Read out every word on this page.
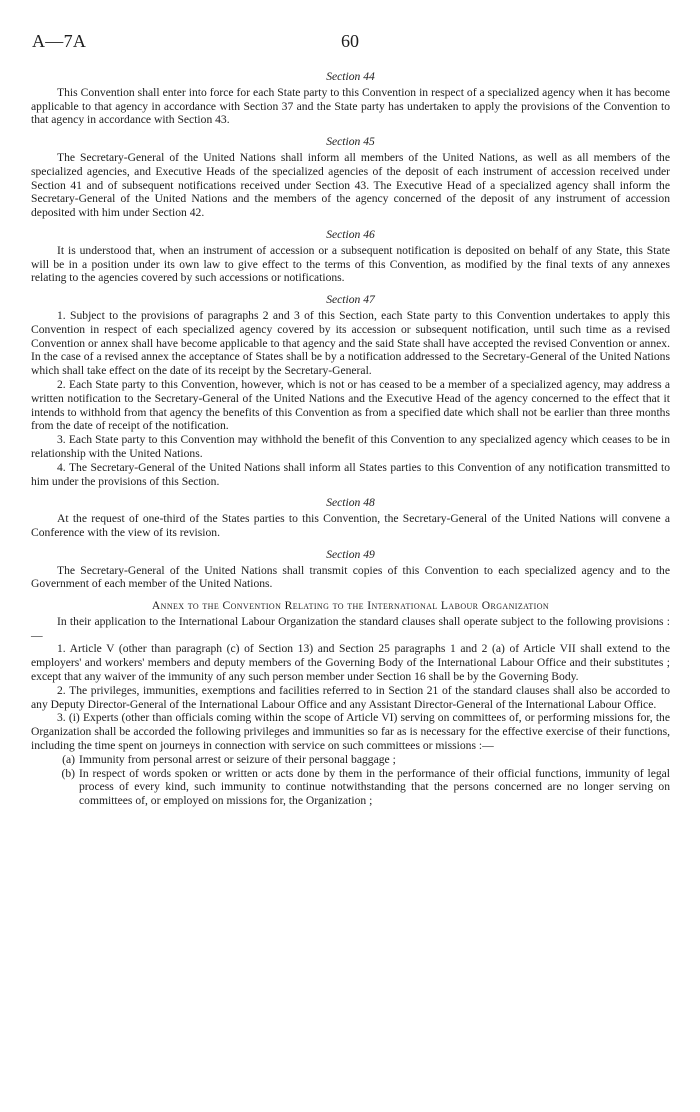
A—7A	60
Section 44

This Convention shall enter into force for each State party to this Convention in respect of a specialized agency when it has become applicable to that agency in accordance with Section 37 and the State party has undertaken to apply the provisions of the Convention to that agency in accordance with Section 43.

Section 45

The Secretary-General of the United Nations shall inform all members of the United Nations, as well as all members of the specialized agencies, and Executive Heads of the specialized agencies of the deposit of each instrument of accession received under Section 41 and of subsequent notifications received under Section 43. The Executive Head of a specialized agency shall inform the Secretary-General of the United Nations and the members of the agency concerned of the deposit of any instrument of accession deposited with him under Section 42.

Section 46

It is understood that, when an instrument of accession or a subsequent notification is deposited on behalf of any State, this State will be in a position under its own law to give effect to the terms of this Convention, as modified by the final texts of any annexes relating to the agencies covered by such accessions or notifications.

Section 47

1. Subject to the provisions of paragraphs 2 and 3 of this Section, each State party to this Convention undertakes to apply this Convention in respect of each specialized agency covered by its accession or subsequent notification, until such time as a revised Convention or annex shall have become applicable to that agency and the said State shall have accepted the revised Convention or annex. In the case of a revised annex the acceptance of States shall be by a notification addressed to the Secretary-General of the United Nations which shall take effect on the date of its receipt by the Secretary-General.

2. Each State party to this Convention, however, which is not or has ceased to be a member of a specialized agency, may address a written notification to the Secretary-General of the United Nations and the Executive Head of the agency concerned to the effect that it intends to withhold from that agency the benefits of this Convention as from a specified date which shall not be earlier than three months from the date of receipt of the notification.

3. Each State party to this Convention may withhold the benefit of this Convention to any specialized agency which ceases to be in relationship with the United Nations.

4. The Secretary-General of the United Nations shall inform all States parties to this Convention of any notification transmitted to him under the provisions of this Section.

Section 48

At the request of one-third of the States parties to this Convention, the Secretary-General of the United Nations will convene a Conference with the view of its revision.

Section 49

The Secretary-General of the United Nations shall transmit copies of this Convention to each specialized agency and to the Government of each member of the United Nations.

Annex to the Convention Relating to the International Labour Organization

In their application to the International Labour Organization the standard clauses shall operate subject to the following provisions :—

1. Article V (other than paragraph (c) of Section 13) and Section 25 paragraphs 1 and 2 (a) of Article VII shall extend to the employers' and workers' members and deputy members of the Governing Body of the International Labour Office and their substitutes ; except that any waiver of the immunity of any such person member under Section 16 shall be by the Governing Body.

2. The privileges, immunities, exemptions and facilities referred to in Section 21 of the standard clauses shall also be accorded to any Deputy Director-General of the International Labour Office and any Assistant Director-General of the International Labour Office.

3. (i) Experts (other than officials coming within the scope of Article VI) serving on committees of, or performing missions for, the Organization shall be accorded the following privileges and immunities so far as is necessary for the effective exercise of their functions, including the time spent on journeys in connection with service on such committees or missions :—

(a) Immunity from personal arrest or seizure of their personal baggage ;
(b) In respect of words spoken or written or acts done by them in the performance of their official functions, immunity of legal process of every kind, such immunity to continue notwithstanding that the persons concerned are no longer serving on committees of, or employed on missions for, the Organization ;
